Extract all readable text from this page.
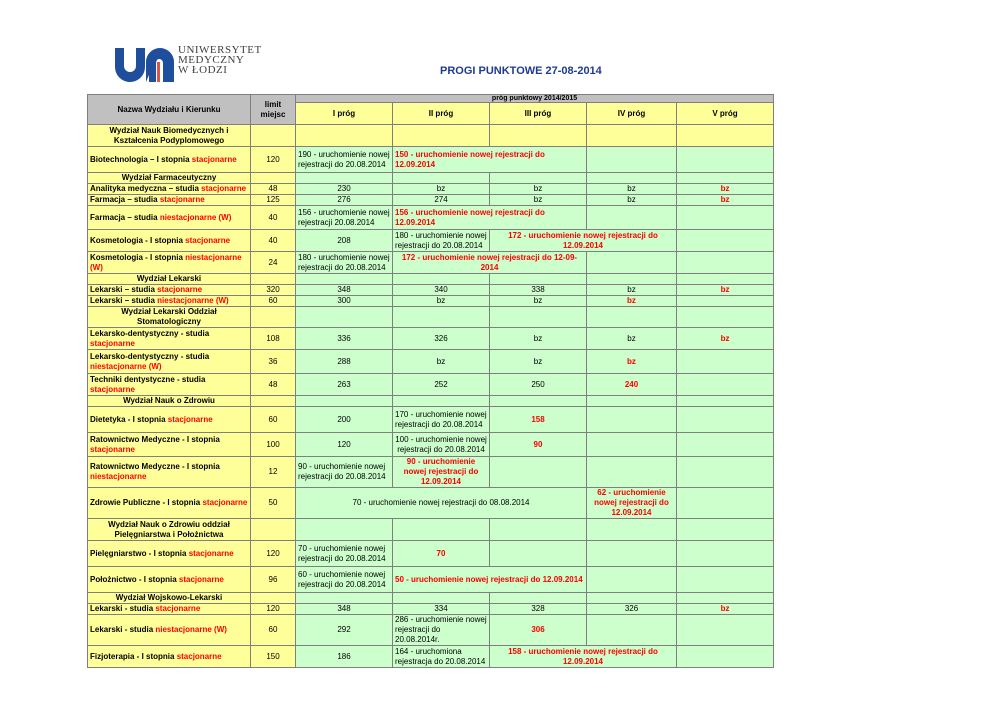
UNIWERSYTET
MEDYCZNY
W ŁODZI	PROGI PUNKTOWE 27-08-2014
Nazwa Wydziału i Kierunku	limit miejsc	próg punktowy 2014/2015				
		I próg	II próg	III próg	IV próg	V próg
Wydział Nauk Biomedycznych i Kształcenia Podyplomowego						
Biotechnologia – I stopnia stacjonarne	120	190 - uruchomienie nowej rejestracji do 20.08.2014	150 - uruchomienie nowej rejestracji do 12.09.2014			
Wydział Farmaceutyczny						
Analityka medyczna – studia stacjonarne	48	230	bz	bz	bz	bz
Farmacja – studia stacjonarne	125	276	274	bz	bz	bz
Farmacja – studia niestacjonarne (W)	40	156 - uruchomienie nowej rejestracji 20.08.2014	156 - uruchomienie nowej rejestracji do 12.09.2014			
Kosmetologia - I stopnia stacjonarne	40	208	180 - uruchomienie nowej rejestracji do 20.08.2014	172 - uruchomienie nowej rejestracji do 12.09.2014		
Kosmetologia - I stopnia niestacjonarne (W)	24	180 - uruchomienie nowej rejestracji do 20.08.2014	172 - uruchomienie nowej rejestracji do 12-09-2014			
Wydział Lekarski						
Lekarski – studia stacjonarne	320	348	340	338	bz	bz
Lekarski – studia niestacjonarne (W)	60	300	bz	bz	bz	
Wydział Lekarski Oddział Stomatologiczny						
Lekarsko-dentystyczny - studia stacjonarne	108	336	326	bz	bz	bz
Lekarsko-dentystyczny - studia niestacjonarne (W)	36	288	bz	bz	bz	
Techniki dentystyczne - studia stacjonarne	48	263	252	250	240	
Wydział Nauk o Zdrowiu						
Dietetyka - I stopnia stacjonarne	60	200	170 - uruchomienie nowej rejestracji do 20.08.2014	158		
Ratownictwo Medyczne - I stopnia stacjonarne	100	120	100 - uruchomienie nowej rejestracji do 20.08.2014	90		
Ratownictwo Medyczne - I stopnia niestacjonarne	12	90 - uruchomienie nowej rejestracji do 20.08.2014	90 - uruchomienie nowej rejestracji do 12.09.2014			
Zdrowie Publiczne - I stopnia stacjonarne	50	70 - uruchomienie nowej rejestracji do 08.08.2014			62 - uruchomienie nowej rejestracji do 12.09.2014	
Wydział Nauk o Zdrowiu oddział Pielęgniarstwa i Położnictwa						
Pielęgniarstwo - I stopnia stacjonarne	120	70 - uruchomienie nowej rejestracji do 20.08.2014	70			
Położnictwo - I stopnia stacjonarne	96	60 - uruchomienie nowej rejestracji do 20.08.2014	50 - uruchomienie nowej rejestracji do 12.09.2014			
Wydział Wojskowo-Lekarski						
Lekarski - studia stacjonarne	120	348	334	328	326	bz
Lekarski - studia niestacjonarne (W)	60	292	286 - uruchomienie nowej rejestracji do 20.08.2014r.	306		
Fizjoterapia - I stopnia stacjonarne	150	186	164 - uruchomiona rejestracja do 20.08.2014	158 - uruchomienie nowej rejestracji do 12.09.2014		
